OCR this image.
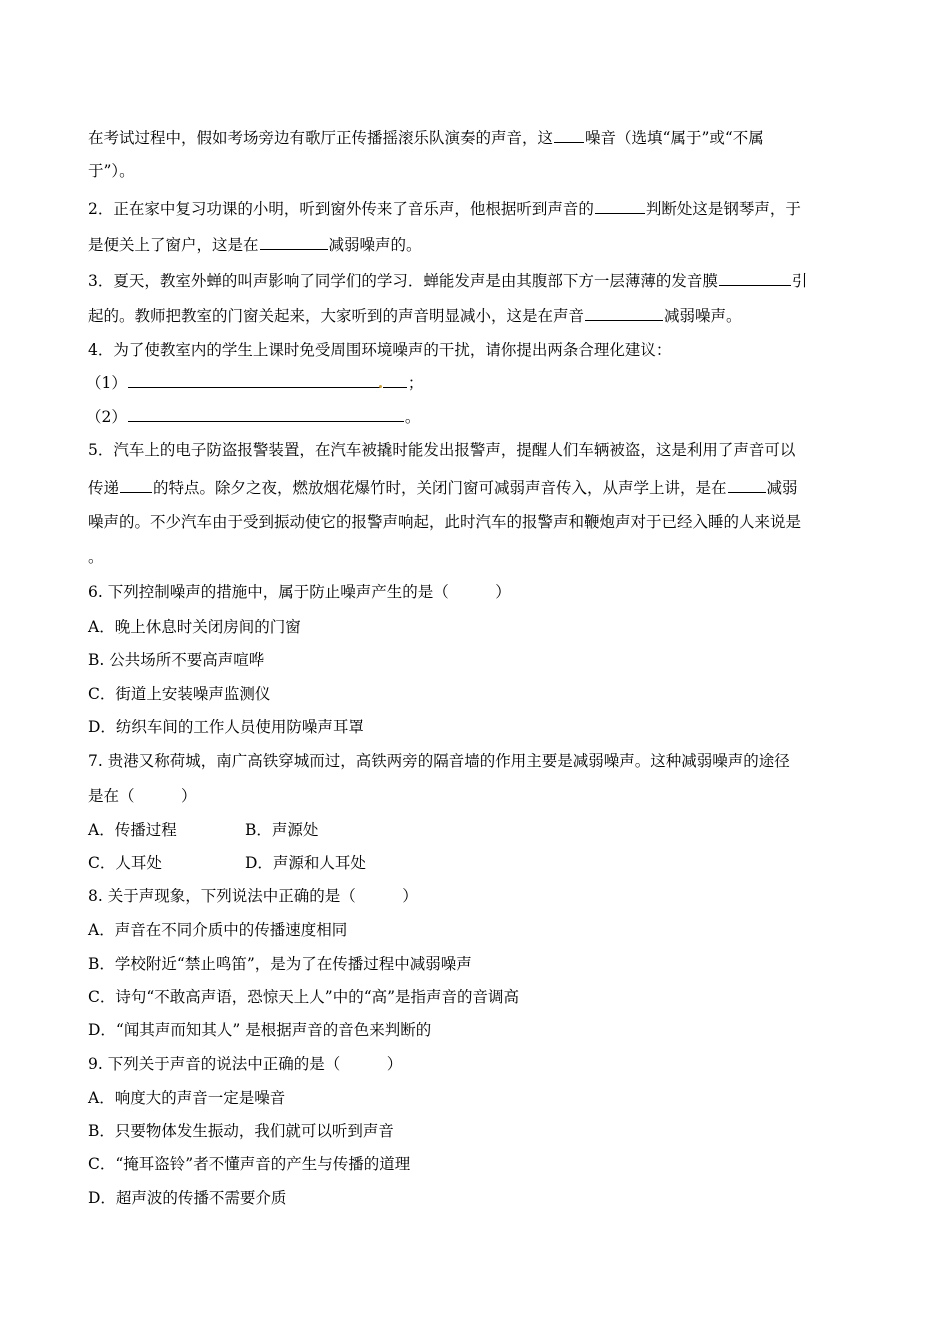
在考试过程中，假如考场旁边有歌厅正传播摇滚乐队演奏的声音，这 噪音（选填“属于”或“不属
于”）。
2．正在家中复习功课的小明，听到窗外传来了音乐声，他根据听到声音的	判断处这是钢琴声，于
是便关上了窗户，这是在	减弱噪声的。
3．夏天，教室外蝉的叫声影响了同学们的学习．蝉能发声是由其腹部下方一层薄薄的发音膜	引
起的。教师把教室的门窗关起来，大家听到的声音明显减小，这是在声音	减弱噪声。
4．为了使教室内的学生上课时免受周围环境噪声的干扰，请你提出两条合理化建议：
（1）	；
（2）	。
5．汽车上的电子防盗报警装置，在汽车被撬时能发出报警声，提醒人们车辆被盗，这是利用了声音可以
传递 的特点。除夕之夜，燃放烟花爆竹时，关闭门窗可减弱声音传入，从声学上讲，是在	减弱
噪声的。不少汽车由于受到振动使它的报警声响起，此时汽车的报警声和鞭炮声对于已经入睡的人来说是
。
6. 下列控制噪声的措施中，属于防止噪声产生的是（　　　）
A．晚上休息时关闭房间的门窗
B. 公共场所不要高声喧哗
C．街道上安装噪声监测仪
D．纺织车间的工作人员使用防噪声耳罩
7. 贵港又称荷城，南广高铁穿城而过，高铁两旁的隔音墙的作用主要是减弱噪声。这种减弱噪声的途径
是在（　　　）
A．传播过程	B．声源处
C．人耳处	D．声源和人耳处
8. 关于声现象，下列说法中正确的是（　　　）
A．声音在不同介质中的传播速度相同
B．学校附近“禁止鸣笛”，是为了在传播过程中减弱噪声
C．诗句“不敢高声语，恐惊天上人”中的“高”是指声音的音调高
D．“闻其声而知其人” 是根据声音的音色来判断的
9. 下列关于声音的说法中正确的是（　　　）
A．响度大的声音一定是噪音
B．只要物体发生振动，我们就可以听到声音
C．“掩耳盗铃”者不懂声音的产生与传播的道理
D．超声波的传播不需要介质
